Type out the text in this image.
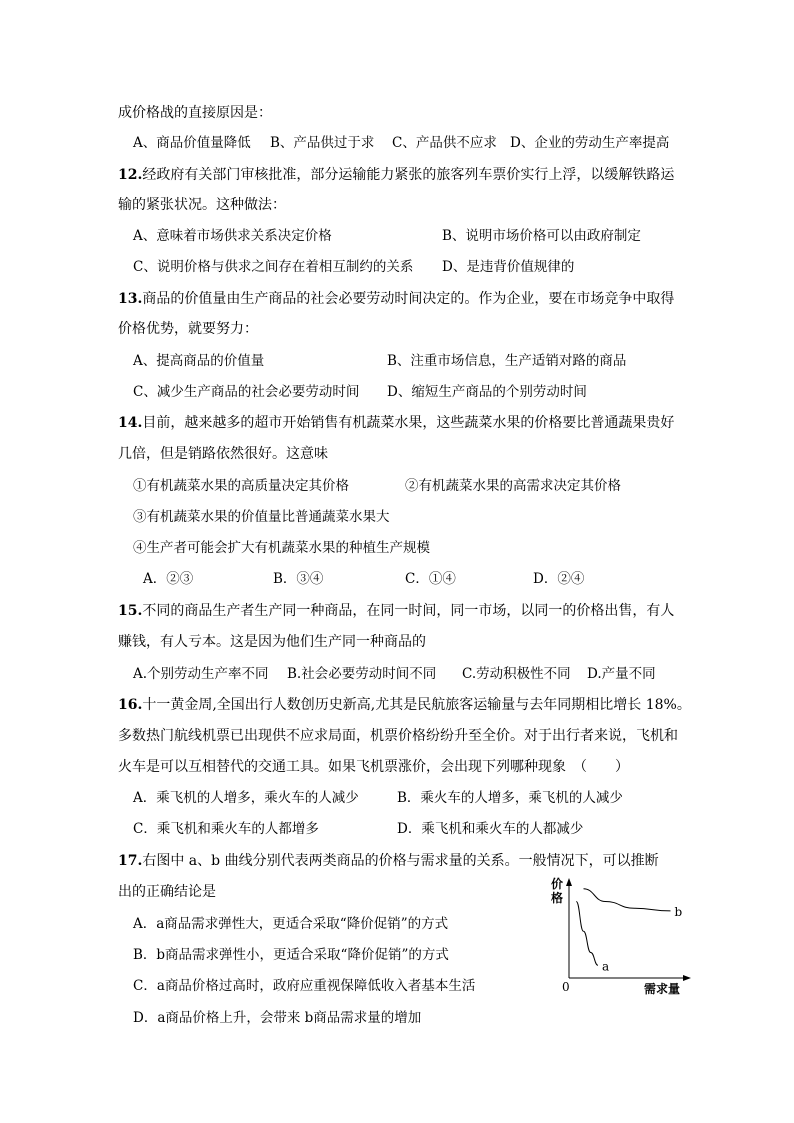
成价格战的直接原因是：
A、商品价值量降低 B、产品供过于求 C、产品供不应求 D、企业的劳动生产率提高
12.经政府有关部门审核批准，部分运输能力紧张的旅客列车票价实行上浮，以缓解铁路运
输的紧张状况。这种做法：
A、意味着市场供求关系决定价格	B、说明市场价格可以由政府制定
C、说明价格与供求之间存在着相互制约的关系 D、是违背价值规律的
13.商品的价值量由生产商品的社会必要劳动时间决定的。作为企业，要在市场竞争中取得
价格优势，就要努力：
A、提高商品的价值量	B、注重市场信息，生产适销对路的商品
C、减少生产商品的社会必要劳动时间 D、缩短生产商品的个别劳动时间
14.目前，越来越多的超市开始销售有机蔬菜水果，这些蔬菜水果的价格要比普通蔬果贵好
几倍，但是销路依然很好。这意味
①有机蔬菜水果的高质量决定其价格	②有机蔬菜水果的高需求决定其价格
③有机蔬菜水果的价值量比普通蔬菜水果大
④生产者可能会扩大有机蔬菜水果的种植生产规模
A．②③	B．③④	C．①④	D．②④
15.不同的商品生产者生产同一种商品，在同一时间，同一市场，以同一的价格出售，有人
赚钱，有人亏本。这是因为他们生产同一种商品的
A.个别劳动生产率不同 B.社会必要劳动时间不同 C.劳动积极性不同 D.产量不同
16.十一黄金周,全国出行人数创历史新高,尤其是民航旅客运输量与去年同期相比增长 18%。
多数热门航线机票已出现供不应求局面，机票价格纷纷升至全价。对于出行者来说，飞机和
火车是可以互相替代的交通工具。如果飞机票涨价，会出现下列哪种现象　（　　）
A．乘飞机的人增多，乘火车的人减少	B．乘火车的人增多，乘飞机的人减少
C．乘飞机和乘火车的人都增多	D．乘飞机和乘火车的人都减少
17.右图中 a、b 曲线分别代表两类商品的价格与需求量的关系。一般情况下，可以推断
出的正确结论是
A．a商品需求弹性大，更适合采取“降价促销”的方式
B．b商品需求弹性小，更适合采取“降价促销”的方式
C．a商品价格过高时，政府应重视保障低收入者基本生活
D．a商品价格上升，会带来 b商品需求量的增加
价
格
需求量
0
a
b
